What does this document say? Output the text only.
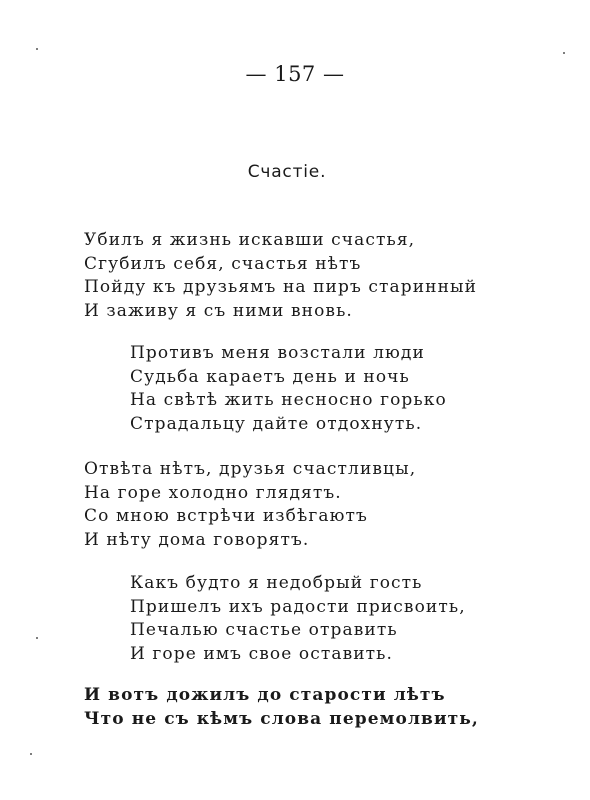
— 157 —
Счастіе.
Убилъ я жизнь искавши счастья,
Сгубилъ себя, счастья нѣтъ
Пойду къ друзьямъ на пиръ старинный
И заживу я съ ними вновь.
Противъ меня возстали люди
Судьба караетъ день и ночь
На свѣтѣ жить несносно горько
Страдальцу дайте отдохнуть.
Отвѣта нѣтъ, друзья счастливцы,
На горе холодно глядятъ.
Со мною встрѣчи избѣгаютъ
И нѣту дома говорятъ.
Какъ будто я недобрый гость
Пришелъ ихъ радости присвоить,
Печалью счастье отравить
И горе имъ свое оставить.
И вотъ дожилъ до старости лѣтъ
Что не съ кѣмъ слова перемолвить,
